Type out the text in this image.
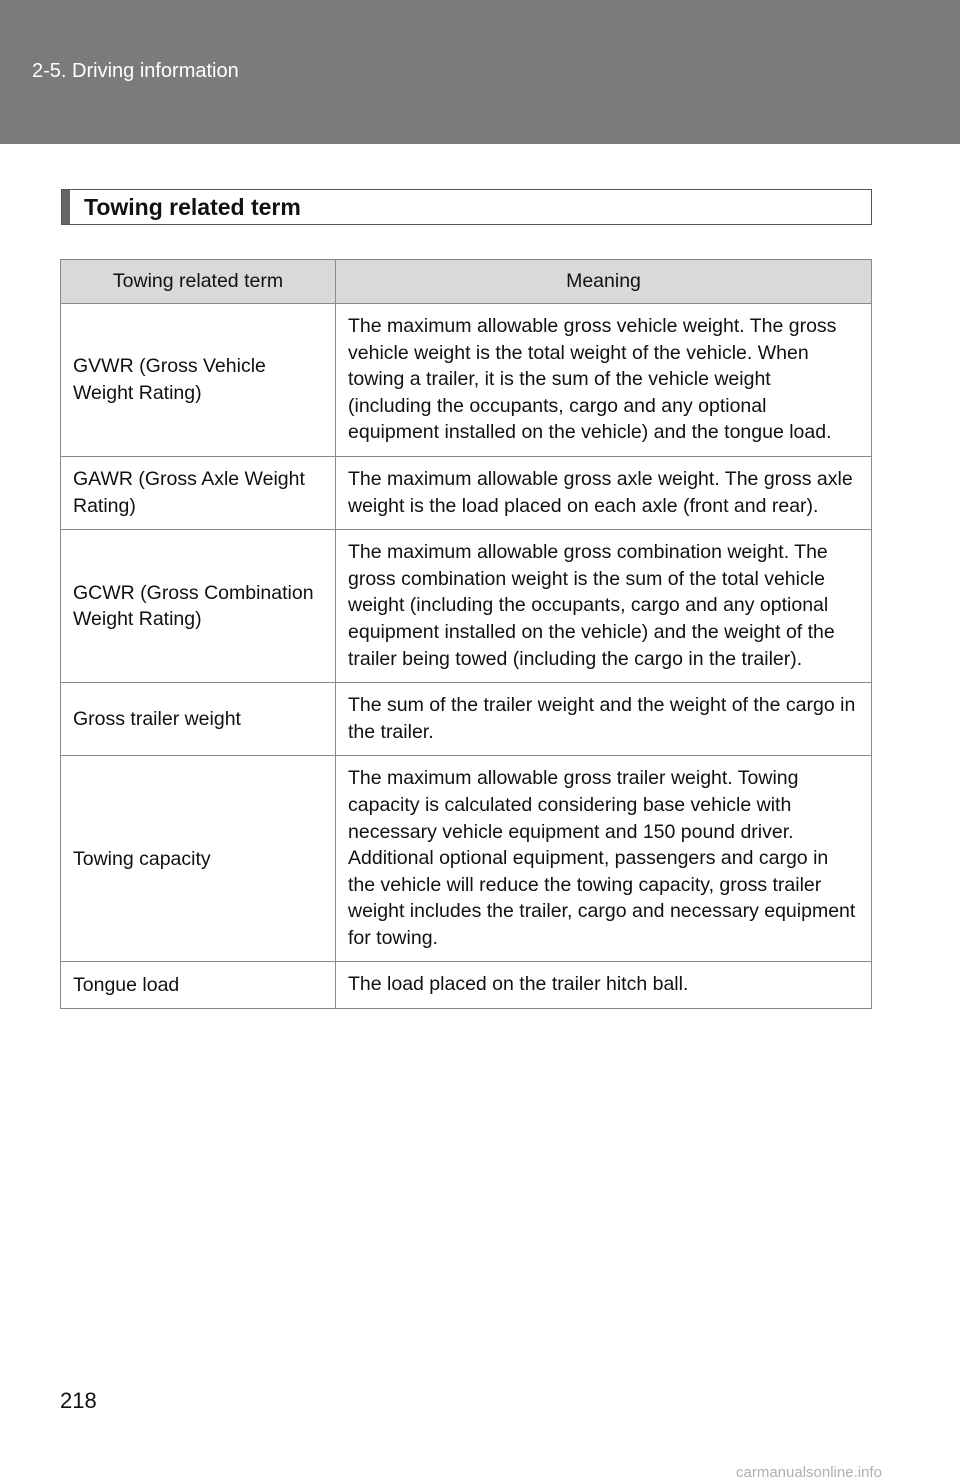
2-5. Driving information
Towing related term
Towing related term	Meaning
GVWR (Gross Vehicle Weight Rating)	The maximum allowable gross vehicle weight. The gross vehicle weight is the total weight of the vehicle. When towing a trailer, it is the sum of the vehicle weight (including the occupants, cargo and any optional equipment installed on the vehicle) and the tongue load.
GAWR (Gross Axle Weight Rating)	The maximum allowable gross axle weight. The gross axle weight is the load placed on each axle (front and rear).
GCWR (Gross Combination Weight Rating)	The maximum allowable gross combination weight. The gross combination weight is the sum of the total vehicle weight (including the occupants, cargo and any optional equipment installed on the vehicle) and the weight of the trailer being towed (including the cargo in the trailer).
Gross trailer weight	The sum of the trailer weight and the weight of the cargo in the trailer.
Towing capacity	The maximum allowable gross trailer weight. Towing capacity is calculated considering base vehicle with necessary vehicle equipment and 150 pound driver. Additional optional equipment, passengers and cargo in the vehicle will reduce the towing capacity, gross trailer weight includes the trailer, cargo and necessary equipment for towing.
Tongue load	The load placed on the trailer hitch ball.
218
carmanualsonline.info
